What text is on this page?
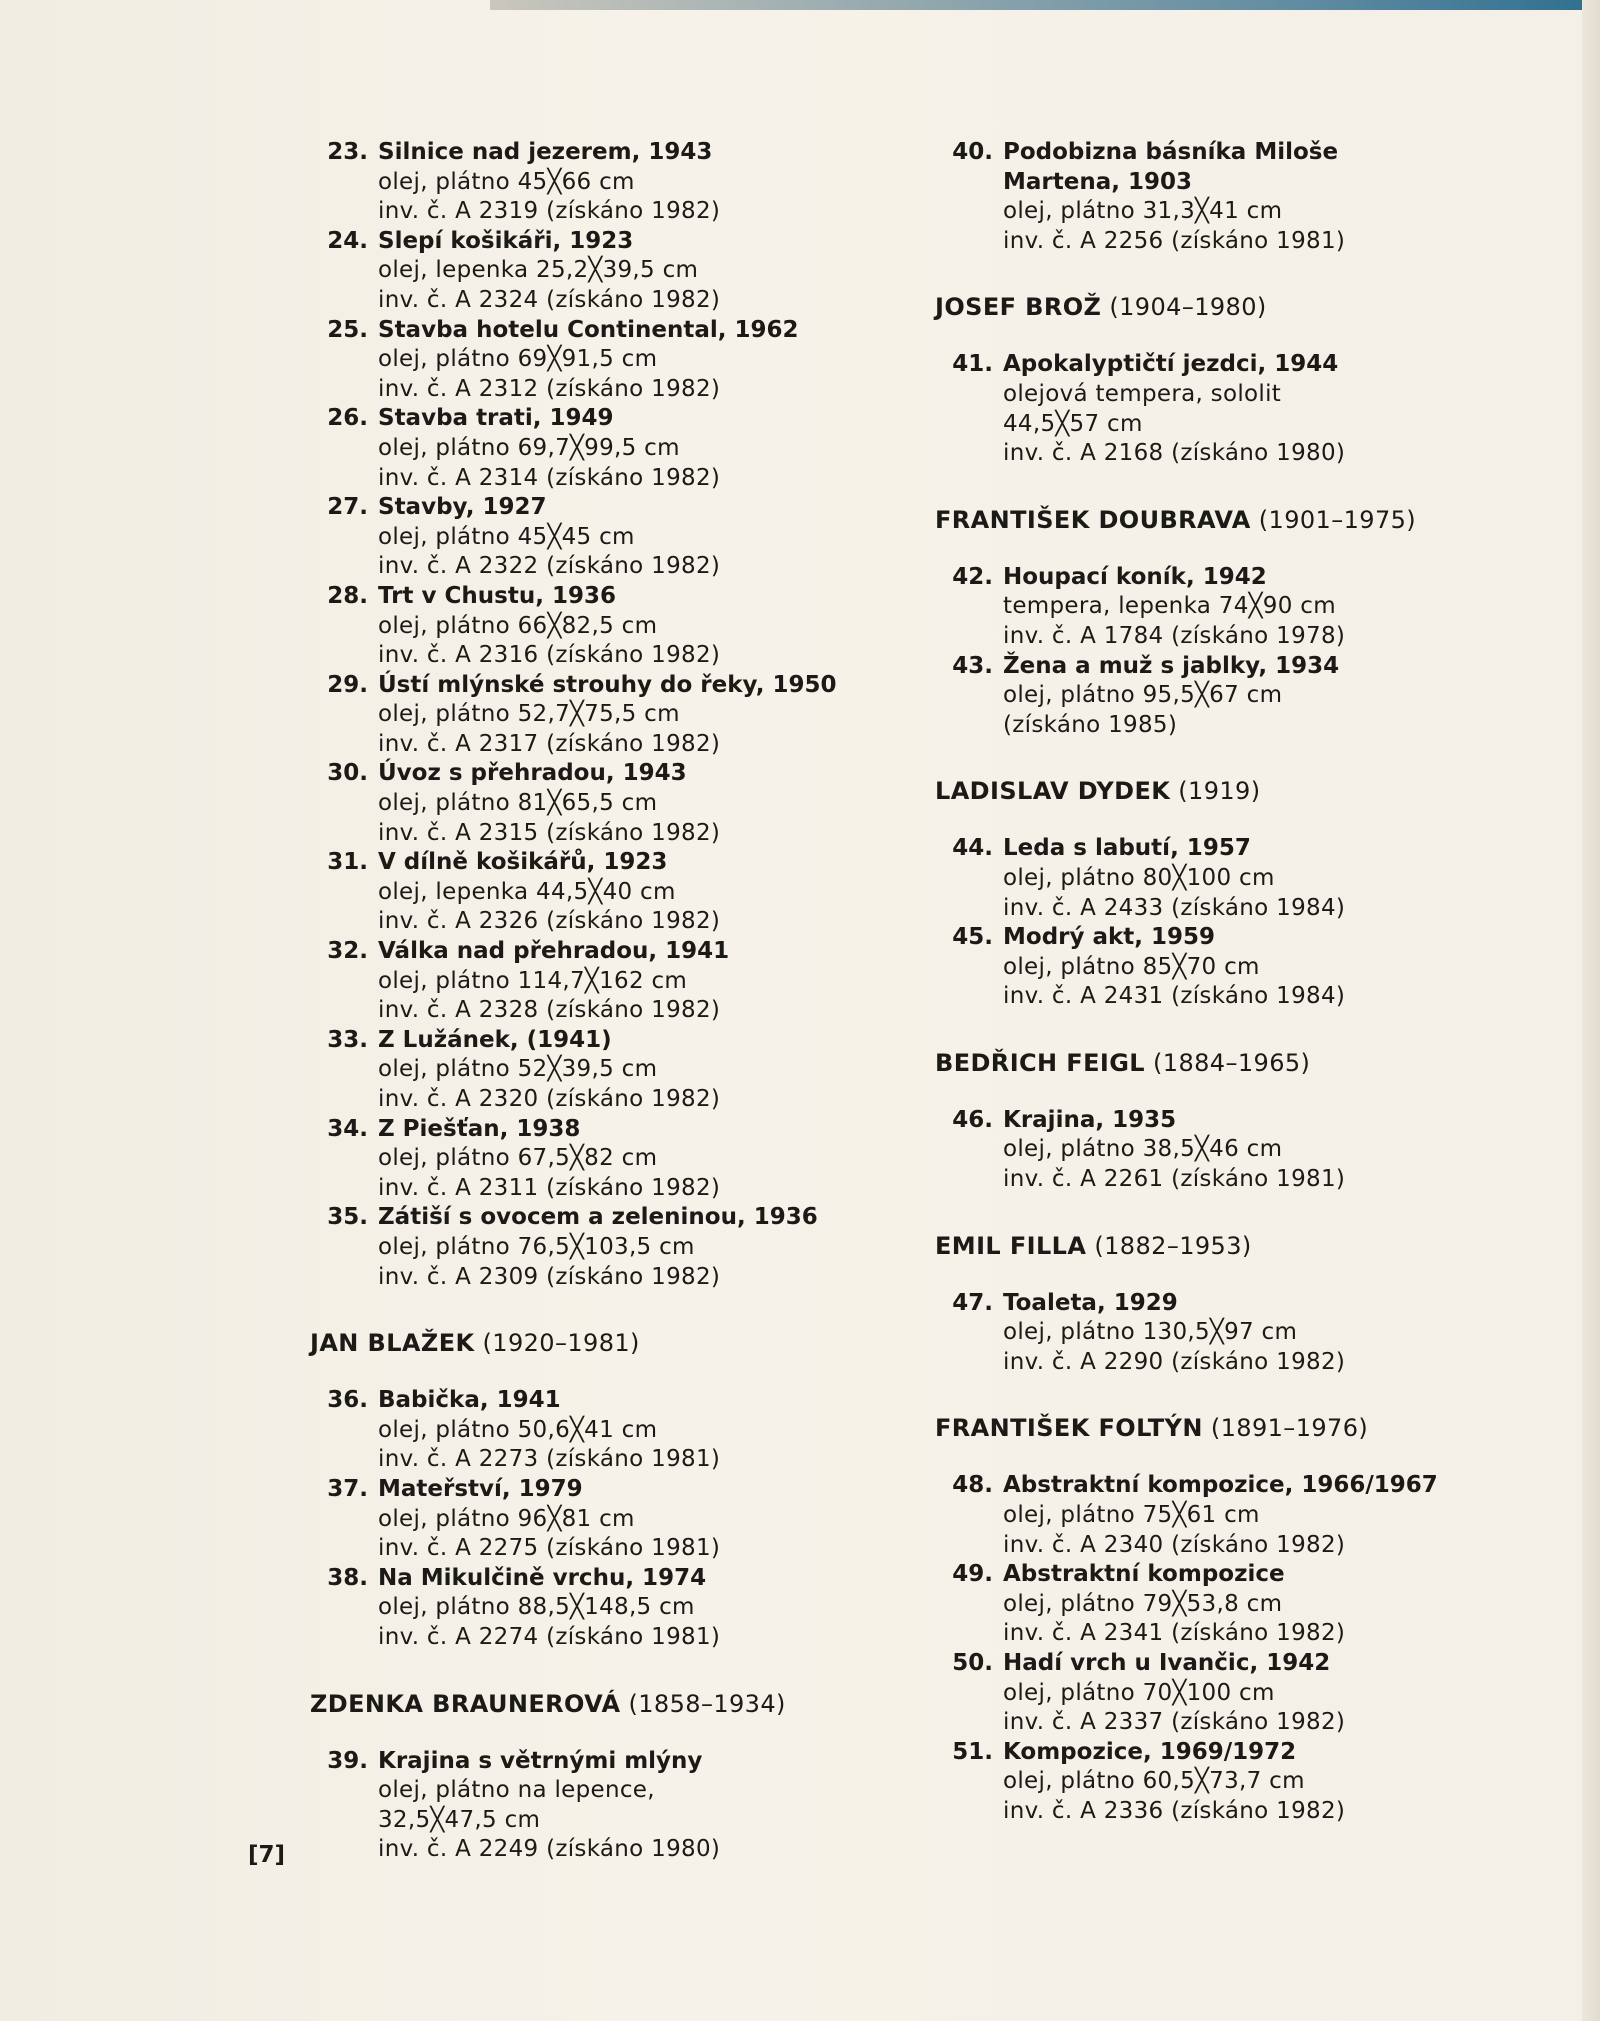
23. Silnice nad jezerem, 1943
olej, plátno 45╳66 cm
inv. č. A 2319 (získáno 1982)
24. Slepí košikáři, 1923
olej, lepenka 25,2╳39,5 cm
inv. č. A 2324 (získáno 1982)
25. Stavba hotelu Continental, 1962
olej, plátno 69╳91,5 cm
inv. č. A 2312 (získáno 1982)
26. Stavba trati, 1949
olej, plátno 69,7╳99,5 cm
inv. č. A 2314 (získáno 1982)
27. Stavby, 1927
olej, plátno 45╳45 cm
inv. č. A 2322 (získáno 1982)
28. Trt v Chustu, 1936
olej, plátno 66╳82,5 cm
inv. č. A 2316 (získáno 1982)
29. Ústí mlýnské strouhy do řeky, 1950
olej, plátno 52,7╳75,5 cm
inv. č. A 2317 (získáno 1982)
30. Úvoz s přehradou, 1943
olej, plátno 81╳65,5 cm
inv. č. A 2315 (získáno 1982)
31. V dílně košikářů, 1923
olej, lepenka 44,5╳40 cm
inv. č. A 2326 (získáno 1982)
32. Válka nad přehradou, 1941
olej, plátno 114,7╳162 cm
inv. č. A 2328 (získáno 1982)
33. Z Lužánek, (1941)
olej, plátno 52╳39,5 cm
inv. č. A 2320 (získáno 1982)
34. Z Piešťan, 1938
olej, plátno 67,5╳82 cm
inv. č. A 2311 (získáno 1982)
35. Zátiší s ovocem a zeleninou, 1936
olej, plátno 76,5╳103,5 cm
inv. č. A 2309 (získáno 1982)
JAN BLAŽEK (1920–1981)
36. Babička, 1941
olej, plátno 50,6╳41 cm
inv. č. A 2273 (získáno 1981)
37. Mateřství, 1979
olej, plátno 96╳81 cm
inv. č. A 2275 (získáno 1981)
38. Na Mikulčině vrchu, 1974
olej, plátno 88,5╳148,5 cm
inv. č. A 2274 (získáno 1981)
ZDENKA BRAUNEROVÁ (1858–1934)
39. Krajina s větrnými mlýny
olej, plátno na lepence,
32,5╳47,5 cm
inv. č. A 2249 (získáno 1980)
40. Podobizna básníka Miloše Martena, 1903
olej, plátno 31,3╳41 cm
inv. č. A 2256 (získáno 1981)
JOSEF BROŽ (1904–1980)
41. Apokalyptičtí jezdci, 1944
olejová tempera, sololit
44,5╳57 cm
inv. č. A 2168 (získáno 1980)
FRANTIŠEK DOUBRAVA (1901–1975)
42. Houpací koník, 1942
tempera, lepenka 74╳90 cm
inv. č. A 1784 (získáno 1978)
43. Žena a muž s jablky, 1934
olej, plátno 95,5╳67 cm
(získáno 1985)
LADISLAV DYDEK (1919)
44. Leda s labutí, 1957
olej, plátno 80╳100 cm
inv. č. A 2433 (získáno 1984)
45. Modrý akt, 1959
olej, plátno 85╳70 cm
inv. č. A 2431 (získáno 1984)
BEDŘICH FEIGL (1884–1965)
46. Krajina, 1935
olej, plátno 38,5╳46 cm
inv. č. A 2261 (získáno 1981)
EMIL FILLA (1882–1953)
47. Toaleta, 1929
olej, plátno 130,5╳97 cm
inv. č. A 2290 (získáno 1982)
FRANTIŠEK FOLTÝN (1891–1976)
48. Abstraktní kompozice, 1966/1967
olej, plátno 75╳61 cm
inv. č. A 2340 (získáno 1982)
49. Abstraktní kompozice
olej, plátno 79╳53,8 cm
inv. č. A 2341 (získáno 1982)
50. Hadí vrch u Ivančic, 1942
olej, plátno 70╳100 cm
inv. č. A 2337 (získáno 1982)
51. Kompozice, 1969/1972
olej, plátno 60,5╳73,7 cm
inv. č. A 2336 (získáno 1982)
[7]
